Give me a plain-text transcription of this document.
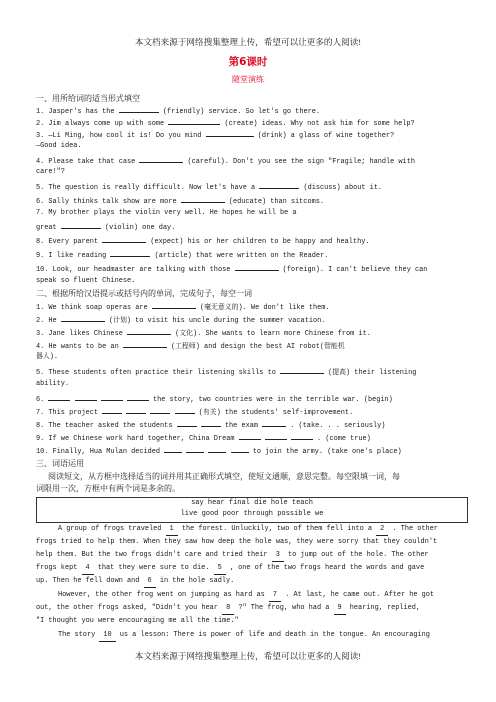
本文档来源于网络搜集整理上传，希望可以让更多的人阅读!
第6课时
随堂演练
一、用所给词的适当形式填空
1. Jasper's has the	(friendly) service. So let's go there.
2. Jim always come up with some	(create) ideas. Why not ask him for some help?
3. —Li Ming, how cool it is! Do you mind	(drink) a glass of wine together?
—Good idea.
4. Please take that case	(careful). Don't you see the sign "Fragile; handle with
care!"?
5. The question is really difficult. Now let's have a	(discuss) about it.
6. Sally thinks talk show are more	(educate) than sitcoms.
7. My brother plays the violin very well. He hopes he will be a
great	(violin) one day.
8. Every parent	(expect) his or her children to be happy and healthy.
9. I like reading	(article) that were written on the Reader.
10. Look, our headmaster are talking with those	(foreign). I can't believe they can
speak so fluent Chinese.
二、根据所给汉语提示或括号内的单词，完成句子，每空一词
1. We think soap operas are	(毫无意义的). We don't like them.
2. He	(计划) to visit his uncle during the summer vacation.
3. Jane likes Chinese	(文化). She wants to learn more Chinese from it.
4. He wants to be an	(工程师) and design the best AI robot(智能机
器人).
5. These students often practice their listening skills to	(提高) their listening
ability.
6.	the story, two countries were in the terrible war. (begin)
7. This project	(有关) the students' self-improvement.
8. The teacher asked the students	the exam	. (take. . . seriously)
9. If we Chinese work hard together, China Dream	. (come true)
10. Finally, Hua Mulan decided	to join the army. (take one's place)
三、词语运用
阅读短文，从方框中选择适当的词并用其正确形式填空，使短文通顺，意思完整。每空限填一词，每
词限用一次，方框中有两个词是多余的。
say hear final die hole teach
live good poor through possible we
A group of frogs traveled 1 the forest. Unluckily, two of them fell into a 2 . The other
frogs tried to help them. When they saw how deep the hole was, they were sorry that they couldn't
help them. But the two frogs didn't care and tried their 3 to jump out of the hole. The other
frogs kept 4 that they were sure to die. 5 , one of the two frogs heard the words and gave
up. Then he fell down and 6 in the hole sadly.
However, the other frog went on jumping as hard as 7 . At last, he came out. After he got
out, the other frogs asked, "Didn't you hear 8 ?" The frog, who had a 9 hearing, replied,
"I thought you were encouraging me all the time."
The story 10 us a lesson: There is power of life and death in the tongue. An encouraging
本文档来源于网络搜集整理上传，希望可以让更多的人阅读!
